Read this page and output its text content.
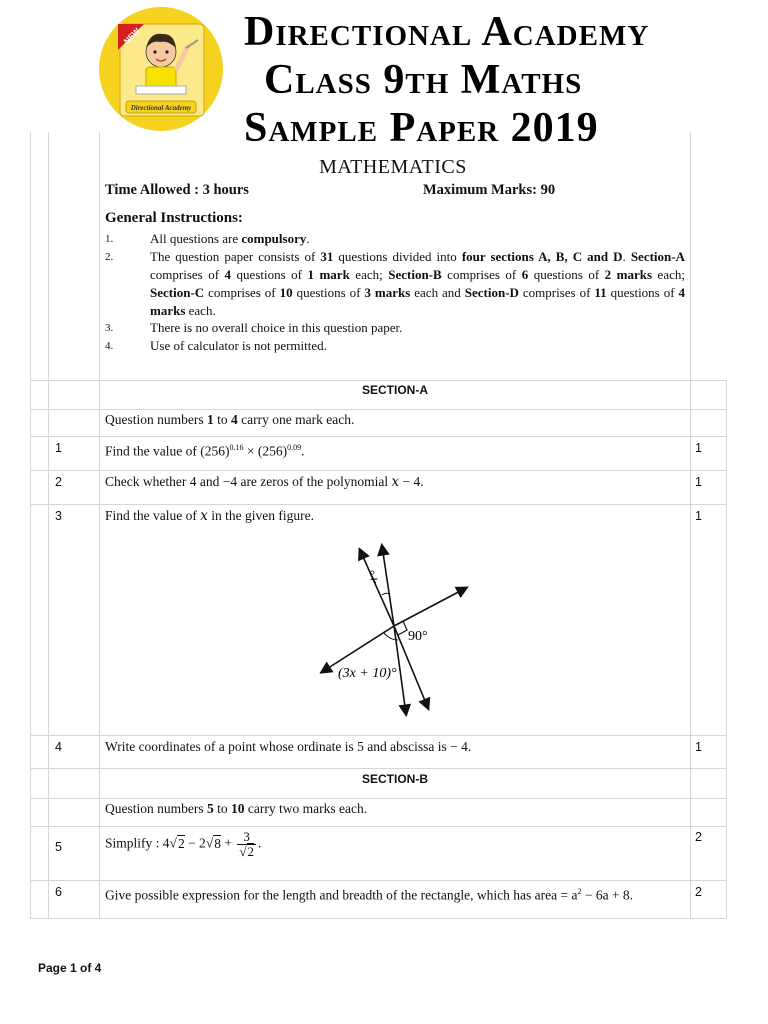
NEW
Directional Academy
Directional Academy
Class 9th Maths
Sample Paper 2019
MATHEMATICS
Time Allowed : 3 hours	Maximum Marks: 90
General Instructions:
1.	All questions are compulsory.
2.	The question paper consists of 31 questions divided into four sections A, B, C and D. Section-A comprises of 4 questions of 1 mark each; Section-B comprises of 6 questions of 2 marks each; Section-C comprises of 10 questions of 3 marks each and Section-D comprises of 11 questions of 4 marks each.
3.	There is no overall choice in this question paper.
4.	Use of calculator is not permitted.
SECTION-A
Question numbers 1 to 4 carry one mark each.
1	Find the value of $(256)^{0.16} \times (256)^{0.09}$.	1
2	Check whether 4 and −4 are zeros of the polynomial 𝑥 − 4.	1
3	Find the value of 𝑥 in the given figure.	1
x°
90°
(3x + 10)°
4	Write coordinates of a point whose ordinate is 5 and abscissa is − 4.	1
SECTION-B
Question numbers 5 to 10 carry two marks each.
5	Simplify : $4√2 - 2√8 + \frac{3}{√2}$ .	2
6	Give possible expression for the length and breadth of the rectangle, which has area = $a^2 - 6a + 8$.	2
Page 1 of 4
